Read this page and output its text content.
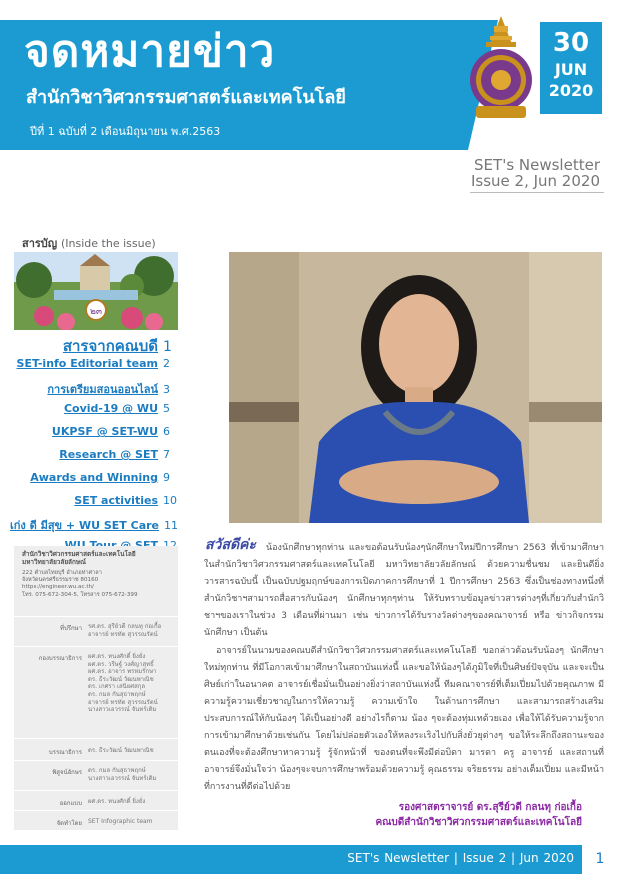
จดหมายข่าว
สำนักวิชาวิศวกรรมศาสตร์และเทคโนโลยี
ปีที่ 1 ฉบับที่ 2 เดือนมิถุนายน พ.ศ.2563
30
JUN
2020
SET's Newsletter
Issue 2, Jun 2020
สารบัญ (Inside the issue)
๒๓
สารจากคณบดี 1
SET-info Editorial team 2
การเตรียมสอนออนไลน์ 3
Covid-19 @ WU 5
UKPSF @ SET-WU 6
Research @ SET 7
Awards and Winning 9
SET activities 10
เก่ง ดี มีสุข + WU SET Care 11
สำนักวิชาวิศวกรรมศาสตร์และเทคโนโลยี
มหาวิทยาลัยวลัยลักษณ์
222 ตำบลไทยบุรี อำเภอท่าศาลา
จังหวัดนครศรีธรรมราช 80160
https://engineer.wu.ac.th/
โทร. 075-672-304-5, โทรสาร 075-672-399
ที่ปรึกษา รศ.ดร. สุรีย์วดี กลนทุ ก่อเกื้อ
อาจารย์ ทรทัต สุวรรณรัตน์
กองบรรณาธิการ ผศ.ดร. ทนงศักดิ์ ยิ่งยั่ง
ผศ.ดร. วรีษฐ์ วงศ์ญาสุทธิ์
ผศ.ดร. อาจาร พรหมรักษา
ดร. ธีระวัฒน์ วัฒนพาณิช
ดร. เกศรา เสนิยศสกุล
ดร. กมล กันสุธาพฤกษ์
อาจารย์ ทรทัต สุวรรณรัตน์
นางสาวเอวรรณ์ จันทร์เดิม
บรรณาธิการ ดร. ธีระวัฒน์ วัฒนพาณิช
พิสูจน์อักษร ดร. กมล กันสุธาพฤกษ์
นางสาวเอวรรณ์ จันทร์เดิม
ออกแบบ ผศ.ดร. ทนงศักดิ์ ยิ่งยั่ง
จัดทำโดย SET Infographic team

น้องนักศึกษาทุกท่าน และขอต้อนรับน้องๆนักศึกษาใหม่ปีการศึกษา 2563 ที่เข้ามาศึกษาในสำนักวิชาวิศวกรรมศาสตร์และเทคโนโลยี มหาวิทยาลัยวลัยลักษณ์ ด้วยความชื่นชม และยินดียิ่ง วารสารฉบับนี้ เป็นฉบับปฐมฤกษ์ของการเปิดภาคการศึกษาที่ 1 ปีการศึกษา 2563 ซึ่งเป็นช่องทางหนึ่งที่สำนักวิชาฯสามารถสื่อสารกับน้องๆ นักศึกษาทุกๆท่าน ให้รับทราบข้อมูลข่าวสารต่างๆที่เกี่ยวกับสำนักวิชาฯของเราในช่วง 3 เดือนที่ผ่านมา เช่น ข่าวการได้รับรางวัลต่างๆของคณาจารย์ หรือ ข่าวกิจกรรมนักศึกษา เป็นต้น

อาจารย์ในนามของคณบดีสำนักวิชาวิศวกรรมศาสตร์และเทคโนโลยี ขอกล่าวต้อนรับน้องๆ นักศึกษาใหม่ทุกท่าน ที่มีโอกาสเข้ามาศึกษาในสถาบันแห่งนี้ และขอให้น้องๆได้ภูมิใจที่เป็นศิษย์ปัจจุบัน และจะเป็นศิษย์เก่าในอนาคต อาจารย์เชื่อมั่นเป็นอย่างยิ่งว่าสถาบันแห่งนี้ ทีมคณาจารย์ที่เต็มเปี่ยมไปด้วยคุณภาพ มีความรู้ความเชี่ยวชาญในการให้ความรู้ ความเข้าใจ ในด้านการศึกษา และสามารถสร้างเสริมประสบการณ์ให้กับน้องๆ ได้เป็นอย่างดี อย่างไรก็ตาม น้อง ๆจะต้องทุ่มเทด้วยเอง เพื่อให้ได้รับความรู้จากการเข้ามาศึกษาด้วยเช่นกัน โดยไม่ปล่อยตัวเองให้หลงระเริงไปกับสิ่งยั่วยุต่างๆ ขอให้ระลึกถึงสถานะของตนเองที่จะต้องศึกษาหาความรู้ รู้จักหน้าที่ ของตนที่จะพึงมีต่อบิดา มารดา ครู อาจารย์ และสถานที่ อาจารย์จึงมั่นใจว่า น้องๆจะจบการศึกษาพร้อมด้วยความรู้ คุณธรรม จริยธรรม อย่างเต็มเปี่ยม และมีหน้าที่การงานที่ดีต่อไปด้วย

สวัสดีค่ะ
รองศาสตราจารย์ ดร.สุรีย์วดี กลนทุ ก่อเกื้อ
คณบดีสำนักวิชาวิศวกรรมศาสตร์และเทคโนโลยี
SET's Newsletter | Issue 2 | Jun 2020	1
